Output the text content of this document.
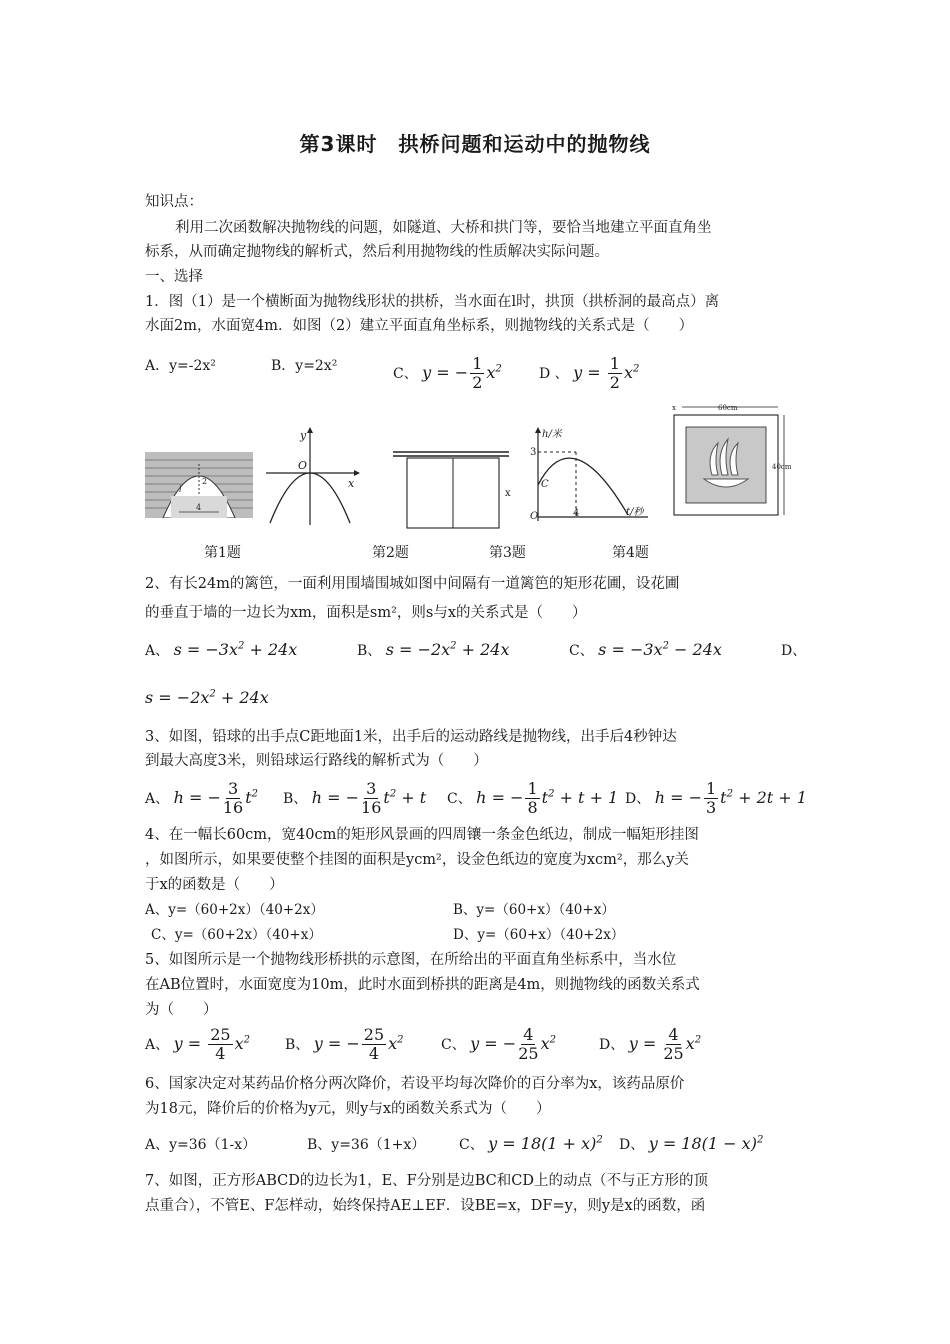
第3课时　拱桥问题和运动中的抛物线
知识点：
利用二次函数解决抛物线的问题，如隧道、大桥和拱门等，要恰当地建立平面直角坐
标系，从而确定抛物线的解析式，然后利用抛物线的性质解决实际问题。
一、选择
1．图（1）是一个横断面为抛物线形状的拱桥，当水面在l时，拱顶（拱桥洞的最高点）离
水面2m，水面宽4m．如图（2）建立平面直角坐标系，则抛物线的关系式是（　　）
A．y=-2x²	B．y=2x²	C、 y = − $\frac{1}{2} x^2$	D 、 $y = \frac{1}{2} x^2$
2
4
l
y
O
x
x
h/米
3
C
4
O	t/秒
60cm
x
40cm
第1题	第2题	第3题	第4题
2、有长24m的篱笆，一面利用围墙围城如图中间隔有一道篱笆的矩形花圃，设花圃
的垂直于墙的一边长为xm，面积是sm²，则s与x的关系式是（　　）
A、 $s = -3x^2 + 24x$	B、 $s = -2x^2 + 24x$	C、 $s = -3x^2 - 24x$	D、
$s = -2x^2 + 24x$
3、如图，铅球的出手点C距地面1米，出手后的运动路线是抛物线，出手后4秒钟达
到最大高度3米，则铅球运行路线的解析式为（　　）
A、 h = − $\frac{3}{16} t^2$ B、 h = − $\frac{3}{16} t^2 + t$ C、 h = − $\frac{1}{8} t^2 + t + 1$ D、 h = − $\frac{1}{3} t^2 + 2t + 1$
4、在一幅长60cm，宽40cm的矩形风景画的四周镶一条金色纸边，制成一幅矩形挂图
，如图所示，如果要使整个挂图的面积是ycm²，设金色纸边的宽度为xcm²，那么y关
于x的函数是（　　）
A、y=（60+2x）（40+2x）	B、y=（60+x）（40+x）
C、y=（60+2x）（40+x）	D、y=（60+x）（40+2x）
5、如图所示是一个抛物线形桥拱的示意图，在所给出的平面直角坐标系中，当水位
在AB位置时，水面宽度为10m，此时水面到桥拱的距离是4m，则抛物线的函数关系式
为（　　）
A、 $y = \frac{25}{4} x^2$	B、 y = − $\frac{25}{4} x^2$	C、 y = − $\frac{4}{25} x^2$	D、 $y = \frac{4}{25} x^2$
6、国家决定对某药品价格分两次降价，若设平均每次降价的百分率为x，该药品原价
为18元，降价后的价格为y元，则y与x的函数关系式为（　　）
A、y=36（1-x）	B、y=36（1+x） C、 $y = 18(1 + x)^2$ D、 $y = 18(1 - x)^2$
7、如图，正方形ABCD的边长为1，E、F分别是边BC和CD上的动点（不与正方形的顶
点重合），不管E、F怎样动，始终保持AE⊥EF．设BE=x，DF=y，则y是x的函数，函
